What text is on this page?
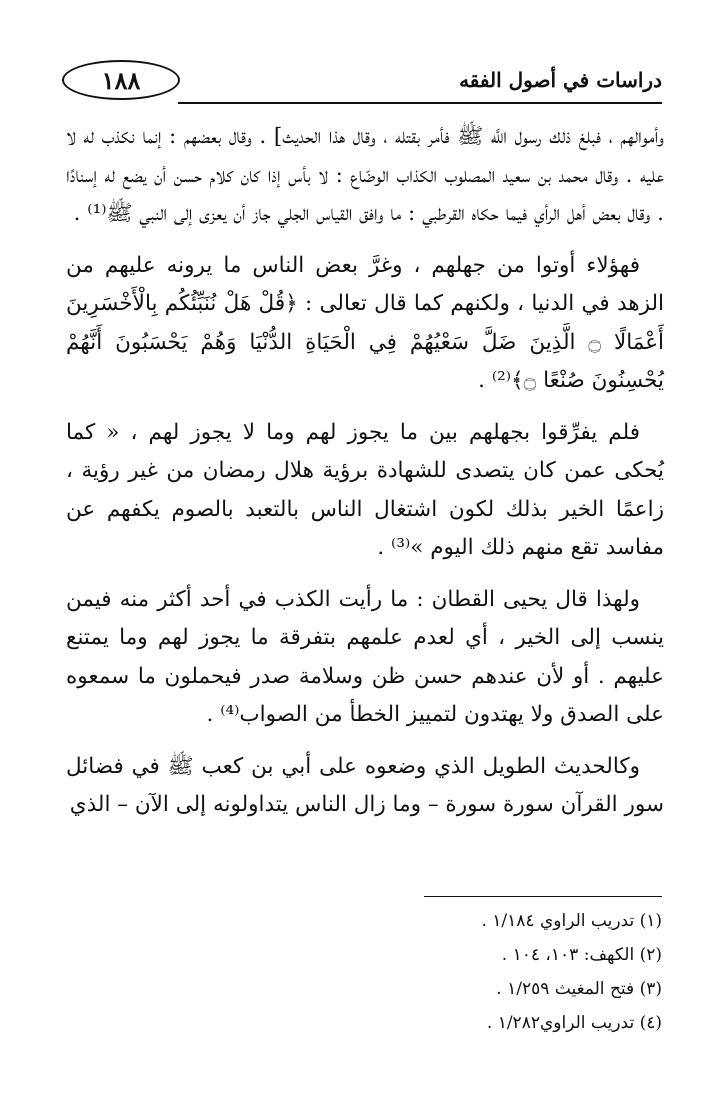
١٨٨	دراسات في أصول الفقه

وأموالهم ، فبلغ ذلك رسول اللَّه ﷺ فأمر بقتله ، وقال هذا الحديث] . وقال بعضهم : إنما نكذب له لا عليه . وقال محمد بن سعيد المصلوب الكذاب الوضّاع : لا بأس إذا كان كلام حسن أن يضع له إسنادًا . وقال بعض أهل الرأي فيما حكاه القرطبي : ما وافق القياس الجلي جاز أن يعزى إلى النبي ﷺ⁽¹⁾ .

فهؤلاء أوتوا من جهلهم ، وغرَّ بعض الناس ما يرونه عليهم من الزهد في الدنيا ، ولكنهم كما قال تعالى : ﴿قُلْ هَلْ نُنَبِّئُكُم بِالْأَخْسَرِينَ أَعْمَالًا ۝ الَّذِينَ ضَلَّ سَعْيُهُمْ فِي الْحَيَاةِ الدُّنْيَا وَهُمْ يَحْسَبُونَ أَنَّهُمْ يُحْسِنُونَ صُنْعًا ۝﴾⁽²⁾ .

فلم يفرِّقوا بجهلهم بين ما يجوز لهم وما لا يجوز لهم ، « كما يُحكى عمن كان يتصدى للشهادة برؤية هلال رمضان من غير رؤية ، زاعمًا الخير بذلك لكون اشتغال الناس بالتعبد بالصوم يكفهم عن مفاسد تقع منهم ذلك اليوم »⁽³⁾ .

ولهذا قال يحيى القطان : ما رأيت الكذب في أحد أكثر منه فيمن ينسب إلى الخير ، أي لعدم علمهم بتفرقة ما يجوز لهم وما يمتنع عليهم . أو لأن عندهم حسن ظن وسلامة صدر فيحملون ما سمعوه على الصدق ولا يهتدون لتمييز الخطأ من الصواب⁽⁴⁾ .

وكالحديث الطويل الذي وضعوه على أبي بن كعب ﷺ في فضائل سور القرآن سورة سورة – وما زال الناس يتداولونه إلى الآن – الذي

(١) تدريب الراوي ١/١٨٤ .
(٢) الكهف: ١٠٣، ١٠٤ .
(٣) فتح المغيث ١/٢٥٩ .
(٤) تدريب الراوي١/٢٨٢ .
